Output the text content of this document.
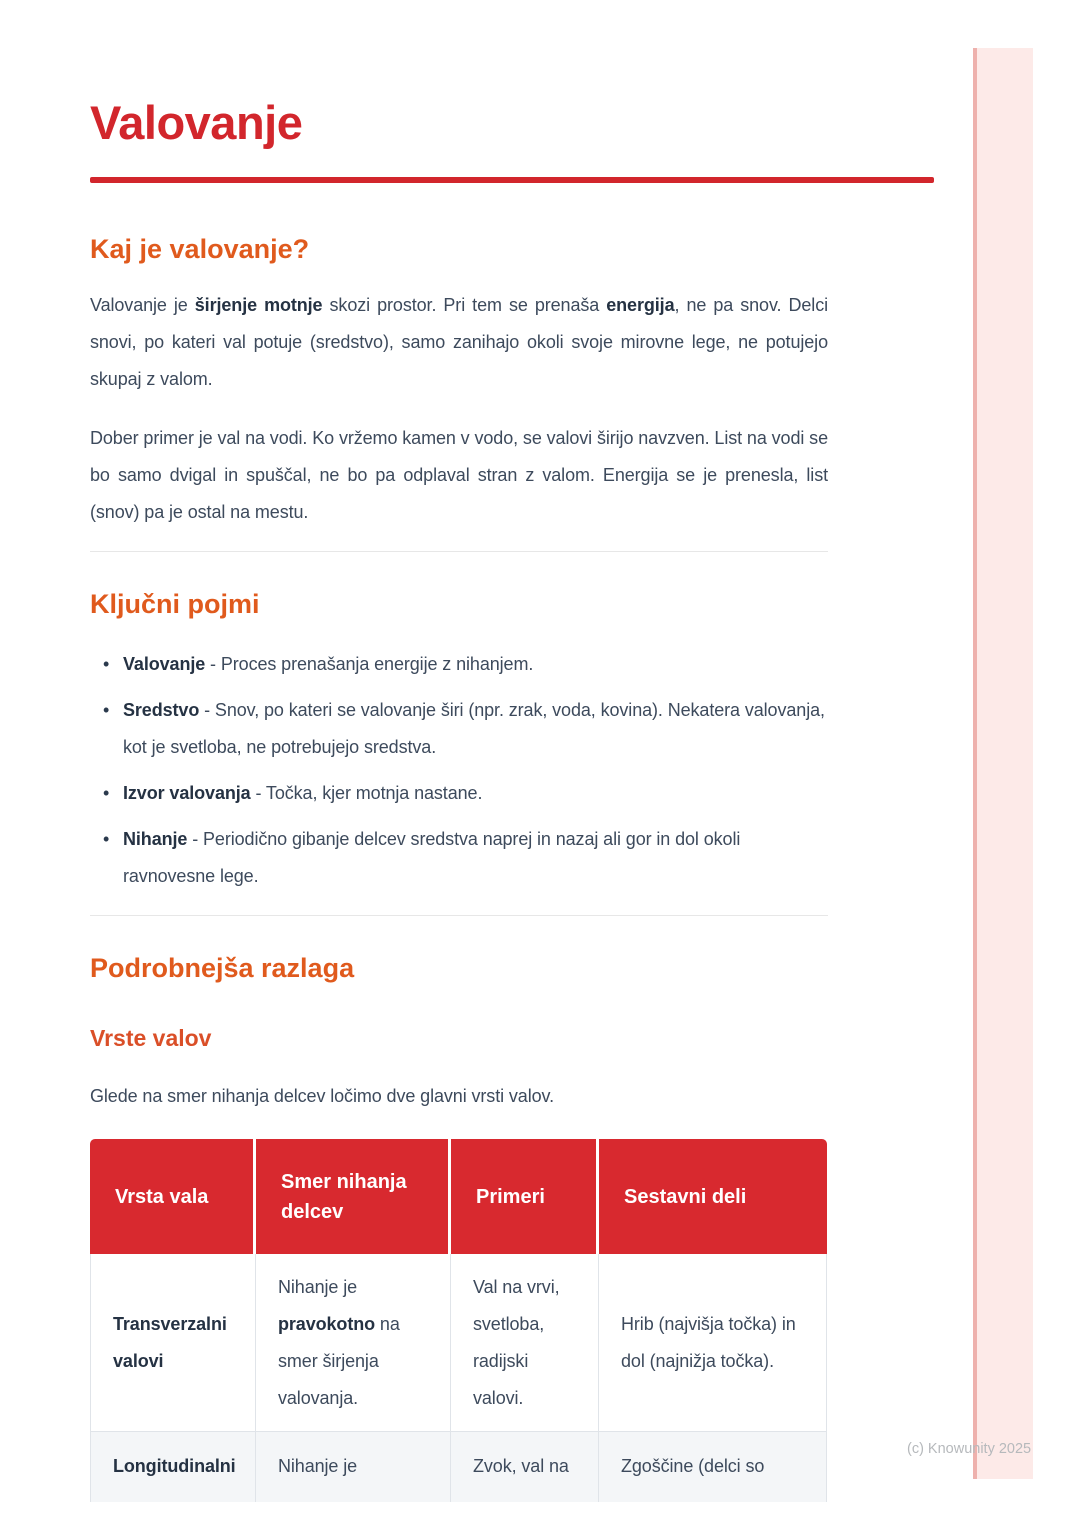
Valovanje
Kaj je valovanje?

Valovanje je širjenje motnje skozi prostor. Pri tem se prenaša energija, ne pa snov. Delci snovi, po kateri val potuje (sredstvo), samo zanihajo okoli svoje mirovne lege, ne potujejo skupaj z valom.

Dober primer je val na vodi. Ko vržemo kamen v vodo, se valovi širijo navzven. List na vodi se bo samo dvigal in spuščal, ne bo pa odplaval stran z valom. Energija se je prenesla, list (snov) pa je ostal na mestu.

Ključni pojmi
• Valovanje - Proces prenašanja energije z nihanjem.
• Sredstvo - Snov, po kateri se valovanje širi (npr. zrak, voda, kovina). Nekatera valovanja, kot je svetloba, ne potrebujejo sredstva.
• Izvor valovanja - Točka, kjer motnja nastane.
• Nihanje - Periodično gibanje delcev sredstva naprej in nazaj ali gor in dol okoli ravnovesne lege.
Podrobnejša razlaga
Vrste valov

Glede na smer nihanja delcev ločimo dve glavni vrsti valov.

Vrsta vala	Smer nihanja delcev	Primeri	Sestavni deli
Transverzalni valovi	Nihanje je pravokotno na smer širjenja valovanja.	Val na vrvi, svetloba, radijski valovi.	Hrib (najvišja točka) in dol (najnižja točka).
Longitudinalni	Nihanje je	Zvok, val na	Zgoščine (delci so
(c) Knowunity 2025
